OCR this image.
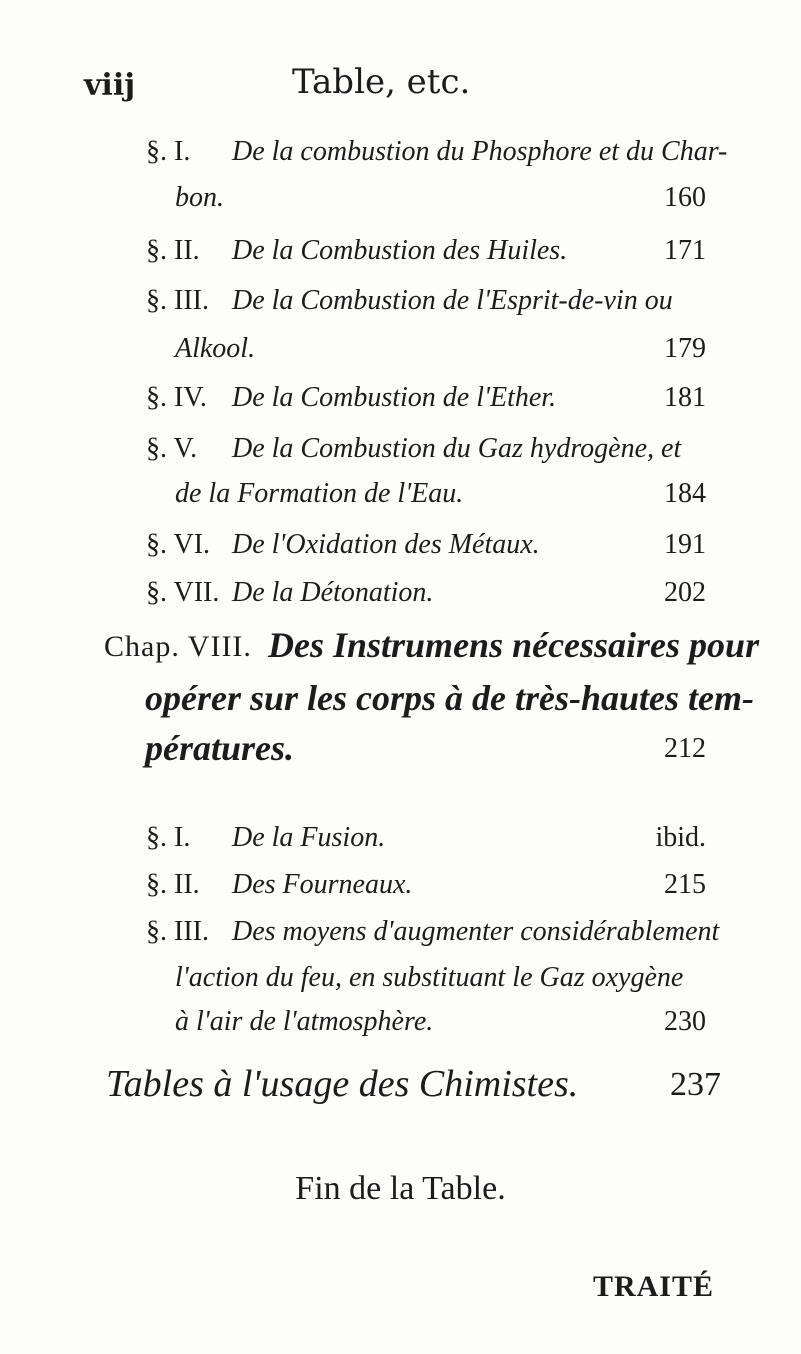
viij	Table, etc.
§. I. De la combustion du Phosphore et du Char-
bon.	160
§. II. De la Combustion des Huiles.	171
§. III. De la Combustion de l'Esprit-de-vin ou
Alkool.	179
§. IV. De la Combustion de l'Ether.	181
§. V. De la Combustion du Gaz hydrogène, et
de la Formation de l'Eau.	184
§. VI. De l'Oxidation des Métaux.	191
§. VII. De la Détonation.	202
Chap. VIII. Des Instrumens nécessaires pour
opérer sur les corps à de très-hautes tem-
pératures.	212
§. I. De la Fusion.	ibid.
§. II. Des Fourneaux.	215
§. III. Des moyens d'augmenter considérablement
l'action du feu, en substituant le Gaz oxygène
à l'air de l'atmosphère.	230
Tables à l'usage des Chimistes.	237
Fin de la Table.
TRAITÉ
